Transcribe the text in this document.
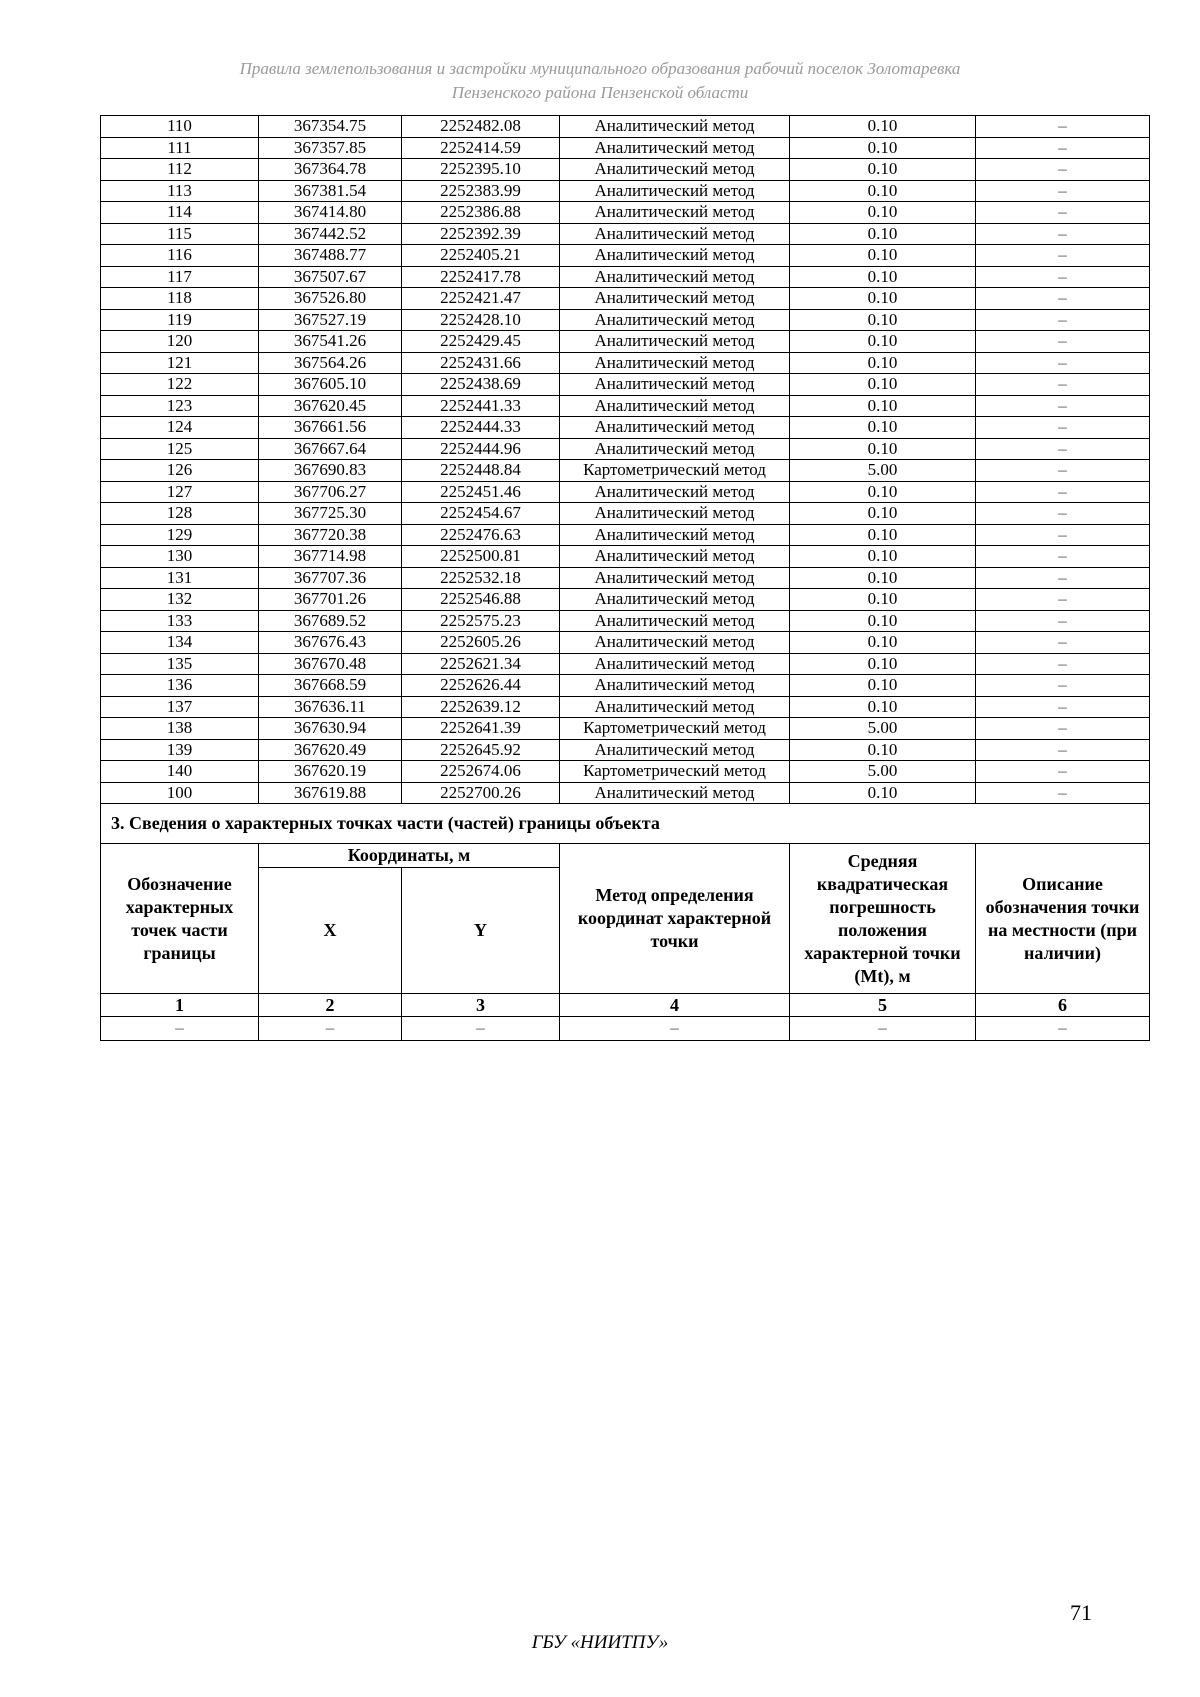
Правила землепользования и застройки муниципального образования рабочий поселок Золотаревка
Пензенского района Пензенской области
110	367354.75	2252482.08	Аналитический метод	0.10	–
111	367357.85	2252414.59	Аналитический метод	0.10	–
112	367364.78	2252395.10	Аналитический метод	0.10	–
113	367381.54	2252383.99	Аналитический метод	0.10	–
114	367414.80	2252386.88	Аналитический метод	0.10	–
115	367442.52	2252392.39	Аналитический метод	0.10	–
116	367488.77	2252405.21	Аналитический метод	0.10	–
117	367507.67	2252417.78	Аналитический метод	0.10	–
118	367526.80	2252421.47	Аналитический метод	0.10	–
119	367527.19	2252428.10	Аналитический метод	0.10	–
120	367541.26	2252429.45	Аналитический метод	0.10	–
121	367564.26	2252431.66	Аналитический метод	0.10	–
122	367605.10	2252438.69	Аналитический метод	0.10	–
123	367620.45	2252441.33	Аналитический метод	0.10	–
124	367661.56	2252444.33	Аналитический метод	0.10	–
125	367667.64	2252444.96	Аналитический метод	0.10	–
126	367690.83	2252448.84	Картометрический метод	5.00	–
127	367706.27	2252451.46	Аналитический метод	0.10	–
128	367725.30	2252454.67	Аналитический метод	0.10	–
129	367720.38	2252476.63	Аналитический метод	0.10	–
130	367714.98	2252500.81	Аналитический метод	0.10	–
131	367707.36	2252532.18	Аналитический метод	0.10	–
132	367701.26	2252546.88	Аналитический метод	0.10	–
133	367689.52	2252575.23	Аналитический метод	0.10	–
134	367676.43	2252605.26	Аналитический метод	0.10	–
135	367670.48	2252621.34	Аналитический метод	0.10	–
136	367668.59	2252626.44	Аналитический метод	0.10	–
137	367636.11	2252639.12	Аналитический метод	0.10	–
138	367630.94	2252641.39	Картометрический метод	5.00	–
139	367620.49	2252645.92	Аналитический метод	0.10	–
140	367620.19	2252674.06	Картометрический метод	5.00	–
100	367619.88	2252700.26	Аналитический метод	0.10	–
3. Сведения о характерных точках части (частей) границы объекта					
Обозначение характерных точек части границы	Координаты, м		Метод определения координат характерной точки	Средняя квадратическая погрешность положения характерной точки (Mt), м	Описание обозначения точки на местности (при наличии)
	X	Y			
1	2	3	4	5	6
–	–	–	–	–	–
71
ГБУ «НИИТПУ»
